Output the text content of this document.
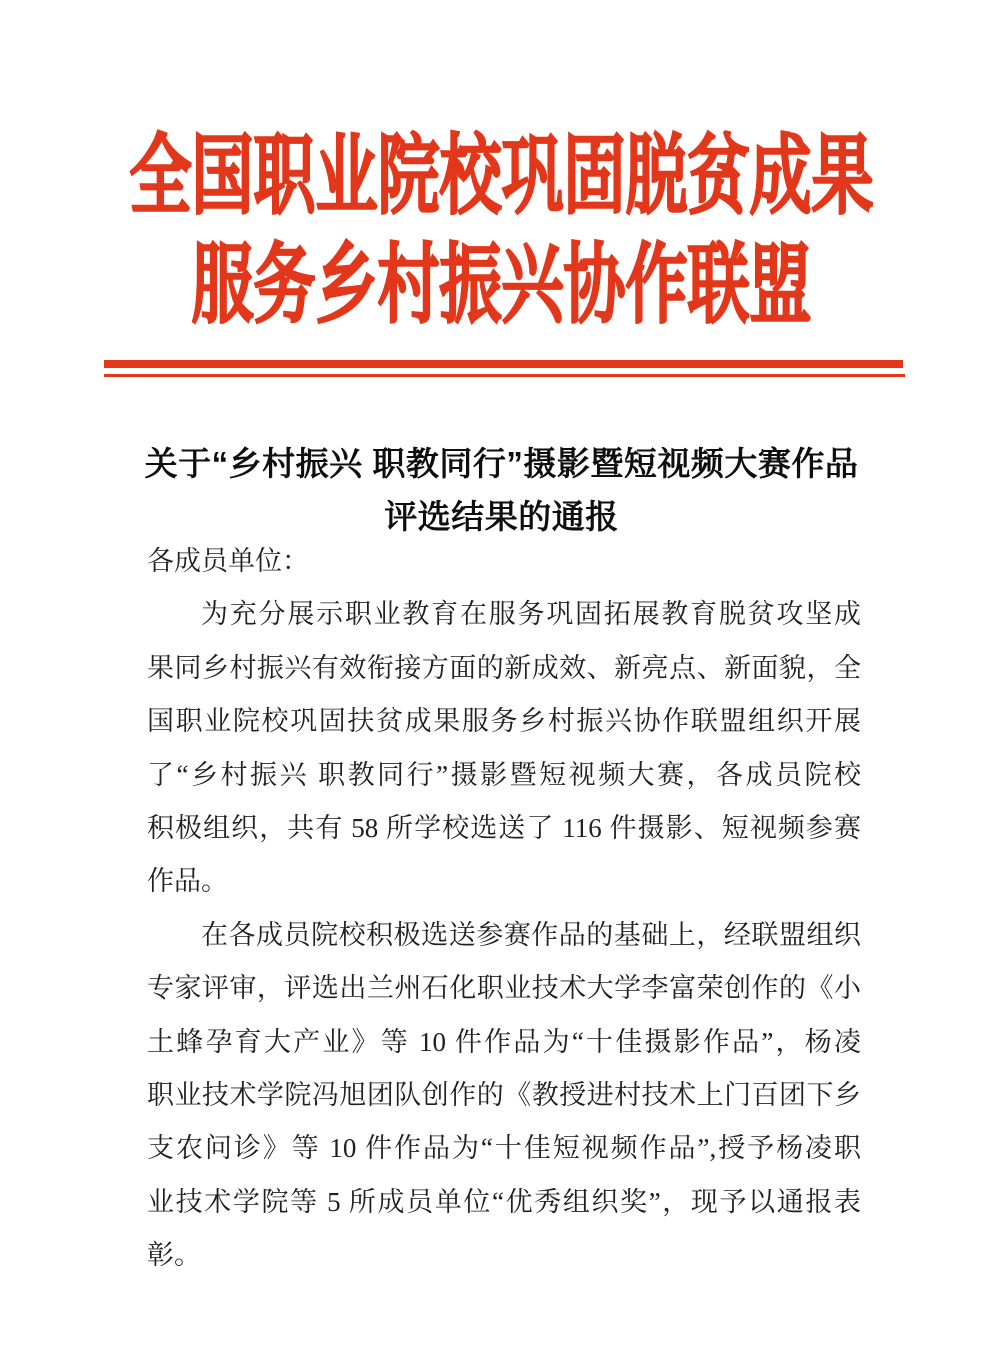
全国职业院校巩固脱贫成果
服务乡村振兴协作联盟
关于“乡村振兴 职教同行”摄影暨短视频大赛作品
评选结果的通报
各成员单位：
为充分展示职业教育在服务巩固拓展教育脱贫攻坚成
果同乡村振兴有效衔接方面的新成效、新亮点、新面貌，全
国职业院校巩固扶贫成果服务乡村振兴协作联盟组织开展
了“乡村振兴 职教同行”摄影暨短视频大赛，各成员院校
积极组织，共有 58 所学校选送了 116 件摄影、短视频参赛
作品。
在各成员院校积极选送参赛作品的基础上，经联盟组织
专家评审，评选出兰州石化职业技术大学李富荣创作的《小
土蜂孕育大产业》等 10 件作品为“十佳摄影作品”，杨凌
职业技术学院冯旭团队创作的《教授进村技术上门百团下乡
支农问诊》等 10 件作品为“十佳短视频作品”,授予杨凌职
业技术学院等 5 所成员单位“优秀组织奖”，现予以通报表
彰。
